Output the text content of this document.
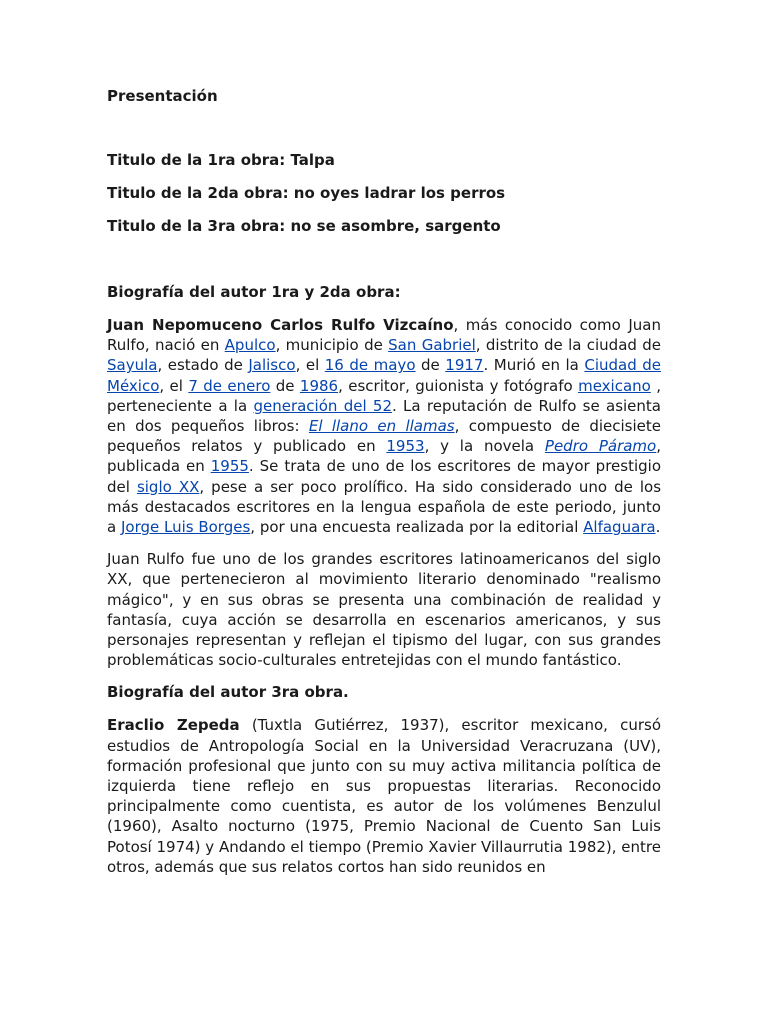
Presentación

Titulo de la 1ra obra: Talpa

Titulo de la 2da obra: no oyes ladrar los perros

Titulo de la 3ra obra: no se asombre, sargento

Biografía del autor 1ra y 2da obra:

Juan Nepomuceno Carlos Rulfo Vizcaíno, más conocido como Juan Rulfo, nació en Apulco, municipio de San Gabriel, distrito de la ciudad de Sayula, estado de Jalisco, el 16 de mayo de 1917. Murió en la Ciudad de México, el 7 de enero de 1986, escritor, guionista y fotógrafo mexicano , perteneciente a la generación del 52. La reputación de Rulfo se asienta en dos pequeños libros: El llano en llamas, compuesto de diecisiete pequeños relatos y publicado en 1953, y la novela Pedro Páramo, publicada en 1955. Se trata de uno de los escritores de mayor prestigio del siglo XX, pese a ser poco prolífico. Ha sido considerado uno de los más destacados escritores en la lengua española de este periodo, junto a Jorge Luis Borges, por una encuesta realizada por la editorial Alfaguara.

Juan Rulfo fue uno de los grandes escritores latinoamericanos del siglo XX, que pertenecieron al movimiento literario denominado "realismo mágico", y en sus obras se presenta una combinación de realidad y fantasía, cuya acción se desarrolla en escenarios americanos, y sus personajes representan y reflejan el tipismo del lugar, con sus grandes problemáticas socio-culturales entretejidas con el mundo fantástico.

Biografía del autor 3ra obra.

Eraclio Zepeda (Tuxtla Gutiérrez, 1937), escritor mexicano, cursó estudios de Antropología Social en la Universidad Veracruzana (UV), formación profesional que junto con su muy activa militancia política de izquierda tiene reflejo en sus propuestas literarias. Reconocido principalmente como cuentista, es autor de los volúmenes Benzulul (1960), Asalto nocturno (1975, Premio Nacional de Cuento San Luis Potosí 1974) y Andando el tiempo (Premio Xavier Villaurrutia 1982), entre otros, además que sus relatos cortos han sido reunidos en
